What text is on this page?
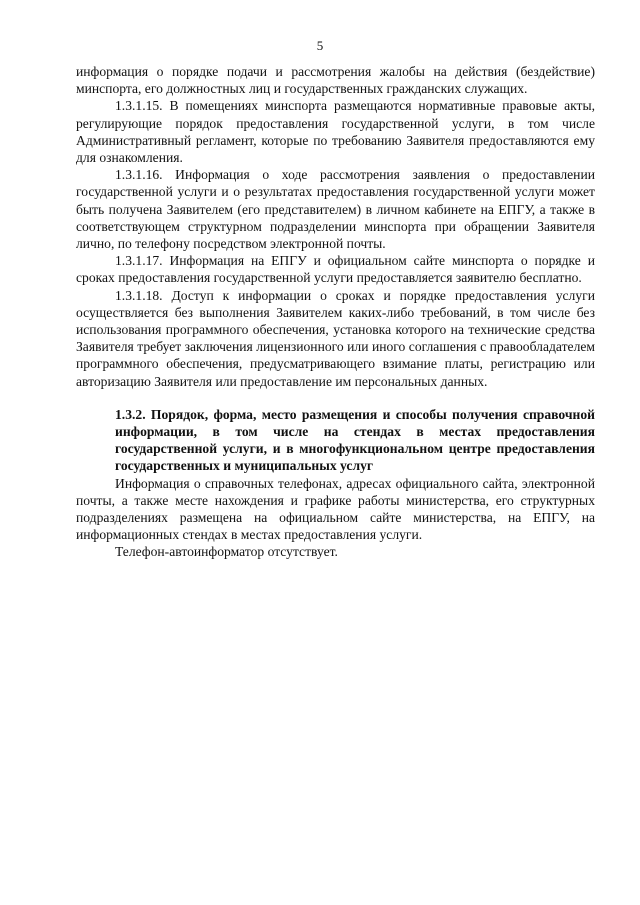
5

информация о порядке подачи и рассмотрения жалобы на действия (бездействие) минспорта, его должностных лиц и государственных гражданских служащих.

1.3.1.15. В помещениях минспорта размещаются нормативные правовые акты, регулирующие порядок предоставления государственной услуги, в том числе Административный регламент, которые по требованию Заявителя предоставляются ему для ознакомления.

1.3.1.16. Информация о ходе рассмотрения заявления о предоставлении государственной услуги и о результатах предоставления государственной услуги может быть получена Заявителем (его представителем) в личном кабинете на ЕПГУ, а также в соответствующем структурном подразделении минспорта при обращении Заявителя лично, по телефону посредством электронной почты.

1.3.1.17. Информация на ЕПГУ и официальном сайте минспорта о порядке и сроках предоставления государственной услуги предоставляется заявителю бесплатно.

1.3.1.18. Доступ к информации о сроках и порядке предоставления услуги осуществляется без выполнения Заявителем каких-либо требований, в том числе без использования программного обеспечения, установка которого на технические средства Заявителя требует заключения лицензионного или иного соглашения с правообладателем программного обеспечения, предусматривающего взимание платы, регистрацию или авторизацию Заявителя или предоставление им персональных данных.

1.3.2. Порядок, форма, место размещения и способы получения справочной информации, в том числе на стендах в местах предоставления государственной услуги, и в многофункциональном центре предоставления государственных и муниципальных услуг

Информация о справочных телефонах, адресах официального сайта, электронной почты, а также месте нахождения и графике работы министерства, его структурных подразделениях размещена на официальном сайте министерства, на ЕПГУ, на информационных стендах в местах предоставления услуги.

Телефон-автоинформатор отсутствует.
